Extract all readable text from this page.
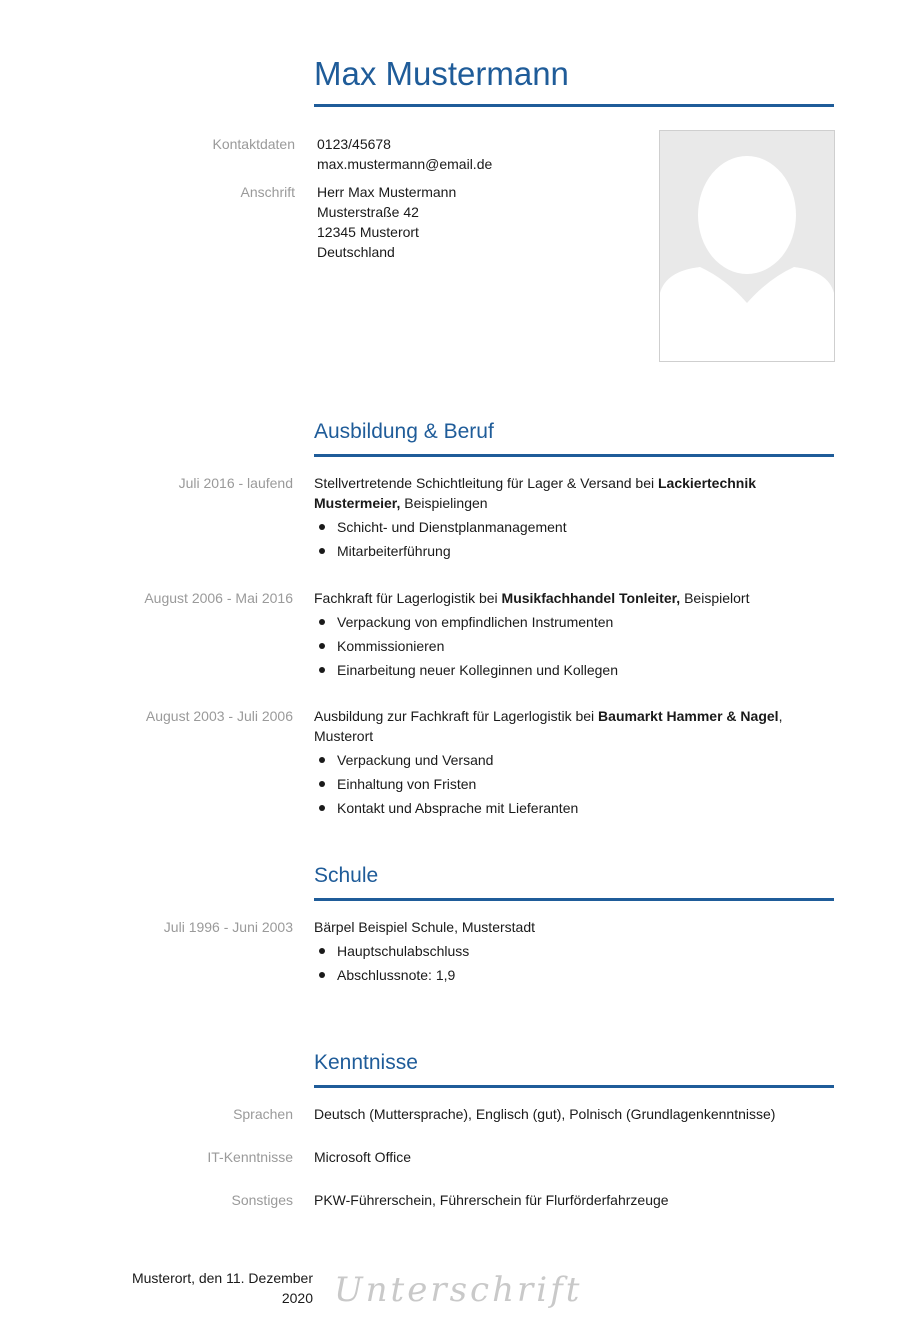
Max Mustermann
Kontaktdaten 0123/45678
max.mustermann@email.de
Anschrift Herr Max Mustermann
Musterstraße 42
12345 Musterort
Deutschland
Ausbildung & Beruf
Juli 2016 - laufend Stellvertretende Schichtleitung für Lager & Versand bei Lackiertechnik Mustermeier, Beispielingen
Schicht- und Dienstplanmanagement
Mitarbeiterführung
August 2006 - Mai 2016 Fachkraft für Lagerlogistik bei Musikfachhandel Tonleiter, Beispielort
Verpackung von empfindlichen Instrumenten
Kommissionieren
Einarbeitung neuer Kolleginnen und Kollegen
August 2003 - Juli 2006 Ausbildung zur Fachkraft für Lagerlogistik bei Baumarkt Hammer & Nagel, Musterort
Verpackung und Versand
Einhaltung von Fristen
Kontakt und Absprache mit Lieferanten
Schule
Juli 1996 - Juni 2003 Bärpel Beispiel Schule, Musterstadt
Hauptschulabschluss
Abschlussnote: 1,9
Kenntnisse
Sprachen Deutsch (Muttersprache), Englisch (gut), Polnisch (Grundlagenkenntnisse)
IT-Kenntnisse Microsoft Office
Sonstiges PKW-Führerschein, Führerschein für Flurförderfahrzeuge
Musterort, den 11. Dezember
2020 Unterschrift
